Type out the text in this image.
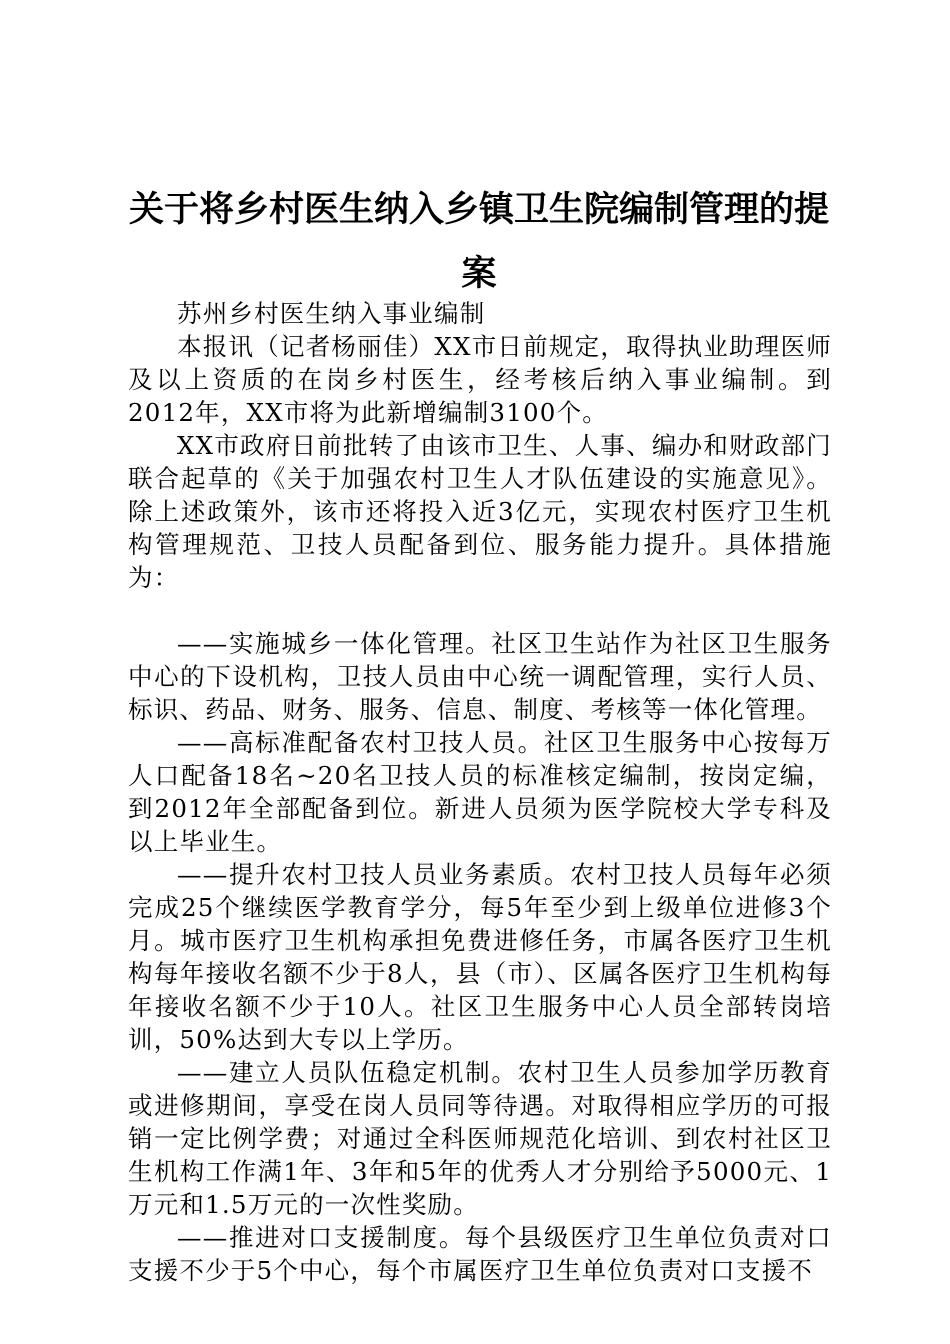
关于将乡村医生纳入乡镇卫生院编制管理的提案

苏州乡村医生纳入事业编制

本报讯（记者杨丽佳）XX市日前规定，取得执业助理医师及以上资质的在岗乡村医生，经考核后纳入事业编制。到2012年，XX市将为此新增编制3100个。

XX市政府日前批转了由该市卫生、人事、编办和财政部门联合起草的《关于加强农村卫生人才队伍建设的实施意见》。除上述政策外，该市还将投入近3亿元，实现农村医疗卫生机构管理规范、卫技人员配备到位、服务能力提升。具体措施为：

——实施城乡一体化管理。社区卫生站作为社区卫生服务中心的下设机构，卫技人员由中心统一调配管理，实行人员、标识、药品、财务、服务、信息、制度、考核等一体化管理。

——高标准配备农村卫技人员。社区卫生服务中心按每万人口配备18名~20名卫技人员的标准核定编制，按岗定编，到2012年全部配备到位。新进人员须为医学院校大学专科及以上毕业生。

——提升农村卫技人员业务素质。农村卫技人员每年必须完成25个继续医学教育学分，每5年至少到上级单位进修3个月。城市医疗卫生机构承担免费进修任务，市属各医疗卫生机构每年接收名额不少于8人，县（市）、区属各医疗卫生机构每年接收名额不少于10人。社区卫生服务中心人员全部转岗培训，50%达到大专以上学历。

——建立人员队伍稳定机制。农村卫生人员参加学历教育或进修期间，享受在岗人员同等待遇。对取得相应学历的可报销一定比例学费；对通过全科医师规范化培训、到农村社区卫生机构工作满1年、3年和5年的优秀人才分别给予5000元、1万元和1.5万元的一次性奖励。

——推进对口支援制度。每个县级医疗卫生单位负责对口支援不少于5个中心，每个市属医疗卫生单位负责对口支援不
